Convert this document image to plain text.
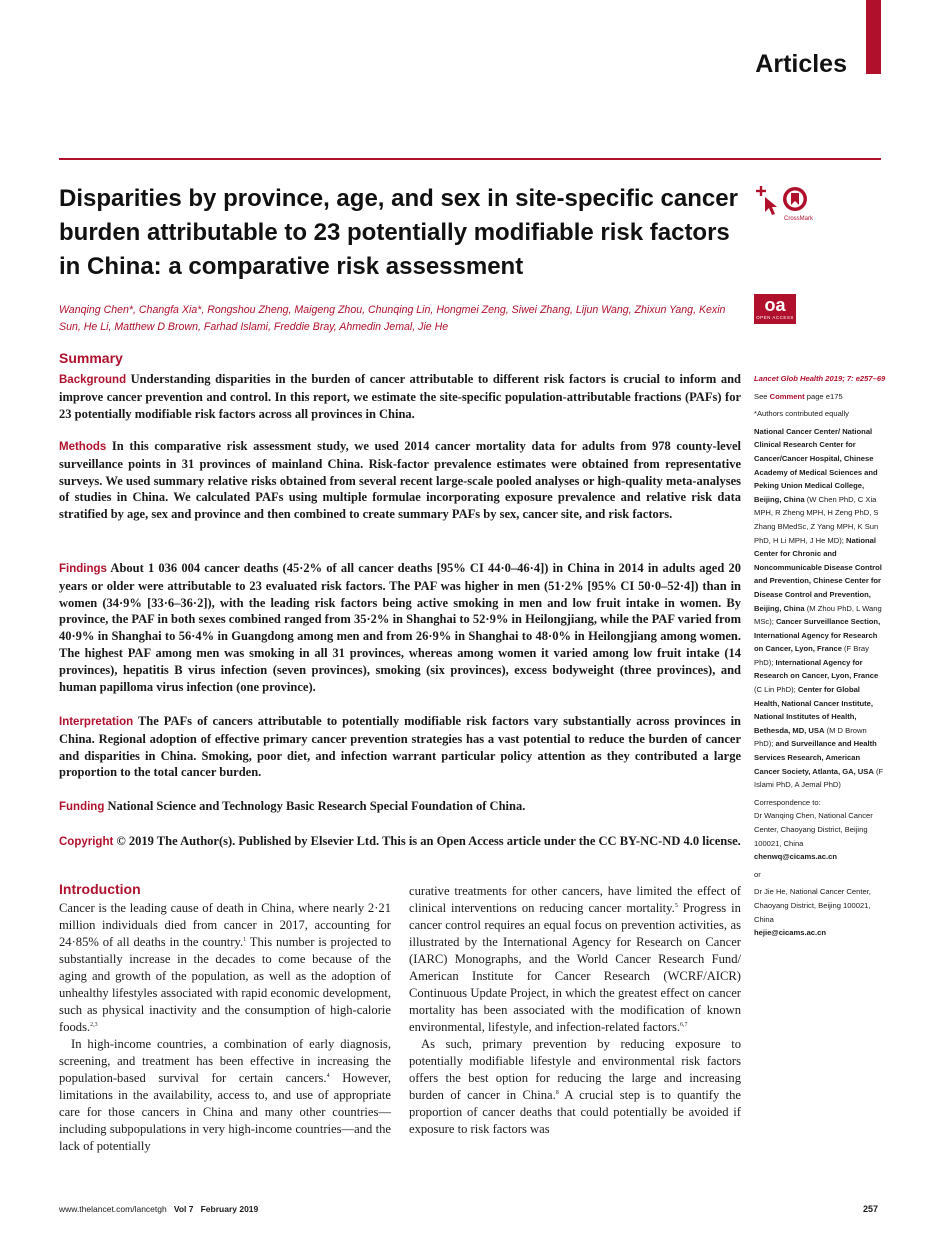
Articles
Disparities by province, age, and sex in site-specific cancer burden attributable to 23 potentially modifiable risk factors in China: a comparative risk assessment
CrossMark

Wanqing Chen*, Changfa Xia*, Rongshou Zheng, Maigeng Zhou, Chunqing Lin, Hongmei Zeng, Siwei Zhang, Lijun Wang, Zhixun Yang, Kexin Sun, He Li, Matthew D Brown, Farhad Islami, Freddie Bray, Ahmedin Jemal, Jie He

oa
OPEN ACCESS
Summary

Background Understanding disparities in the burden of cancer attributable to different risk factors is crucial to inform and improve cancer prevention and control. In this report, we estimate the site-specific population-attributable fractions (PAFs) for 23 potentially modifiable risk factors across all provinces in China.

Methods In this comparative risk assessment study, we used 2014 cancer mortality data for adults from 978 county-level surveillance points in 31 provinces of mainland China. Risk-factor prevalence estimates were obtained from representative surveys. We used summary relative risks obtained from several recent large-scale pooled analyses or high-quality meta-analyses of studies in China. We calculated PAFs using multiple formulae incorporating exposure prevalence and relative risk data stratified by age, sex and province and then combined to create summary PAFs by sex, cancer site, and risk factors.

Findings About 1 036 004 cancer deaths (45·2% of all cancer deaths [95% CI 44·0–46·4]) in China in 2014 in adults aged 20 years or older were attributable to 23 evaluated risk factors. The PAF was higher in men (51·2% [95% CI 50·0–52·4]) than in women (34·9% [33·6–36·2]), with the leading risk factors being active smoking in men and low fruit intake in women. By province, the PAF in both sexes combined ranged from 35·2% in Shanghai to 52·9% in Heilongjiang, while the PAF varied from 40·9% in Shanghai to 56·4% in Guangdong among men and from 26·9% in Shanghai to 48·0% in Heilongjiang among women. The highest PAF among men was smoking in all 31 provinces, whereas among women it varied among low fruit intake (14 provinces), hepatitis B virus infection (seven provinces), smoking (six provinces), excess bodyweight (three provinces), and human papilloma virus infection (one province).

Interpretation The PAFs of cancers attributable to potentially modifiable risk factors vary substantially across provinces in China. Regional adoption of effective primary cancer prevention strategies has a vast potential to reduce the burden of cancer and disparities in China. Smoking, poor diet, and infection warrant particular policy attention as they contributed a large proportion to the total cancer burden.

Funding National Science and Technology Basic Research Special Foundation of China.

Copyright © 2019 The Author(s). Published by Elsevier Ltd. This is an Open Access article under the CC BY-NC-ND 4.0 license.

Introduction

Cancer is the leading cause of death in China, where nearly 2·21 million individuals died from cancer in 2017, accounting for 24·85% of all deaths in the country.$^1$ This number is projected to substantially increase in the decades to come because of the aging and growth of the population, as well as the adoption of unhealthy lifestyles associated with rapid economic development, such as physical inactivity and the consumption of high-calorie foods.$^{2,3}$

In high-income countries, a combination of early diagnosis, screening, and treatment has been effective in increasing the population-based survival for certain cancers.$^4$ However, limitations in the availability, access to, and use of appropriate care for those cancers in China and many other countries—including subpopulations in very high-income countries—and the lack of potentially

curative treatments for other cancers, have limited the effect of clinical interventions on reducing cancer mortality.$^5$ Progress in cancer control requires an equal focus on prevention activities, as illustrated by the International Agency for Research on Cancer (IARC) Monographs, and the World Cancer Research Fund/ American Institute for Cancer Research (WCRF/AICR) Continuous Update Project, in which the greatest effect on cancer mortality has been associated with the modification of known environmental, lifestyle, and infection-related factors.$^{6,7}$

As such, primary prevention by reducing exposure to potentially modifiable lifestyle and environmental risk factors offers the best option for reducing the large and increasing burden of cancer in China.$^8$ A crucial step is to quantify the proportion of cancer deaths that could potentially be avoided if exposure to risk factors was

Lancet Glob Health 2019; 7: e257–69

See Comment page e175

*Authors contributed equally

National Cancer Center/ National Clinical Research Center for Cancer/Cancer Hospital, Chinese Academy of Medical Sciences and Peking Union Medical College, Beijing, China (W Chen PhD, C Xia MPH, R Zheng MPH, H Zeng PhD, S Zhang BMedSc, Z Yang MPH, K Sun PhD, H Li MPH, J He MD); National Center for Chronic and Noncommunicable Disease Control and Prevention, Chinese Center for Disease Control and Prevention, Beijing, China (M Zhou PhD, L Wang MSc); Cancer Surveillance Section, International Agency for Research on Cancer, Lyon, France (F Bray PhD); International Agency for Research on Cancer, Lyon, France (C Lin PhD); Center for Global Health, National Cancer Institute, National Institutes of Health, Bethesda, MD, USA (M D Brown PhD); and Surveillance and Health Services Research, American Cancer Society, Atlanta, GA, USA (F Islami PhD, A Jemal PhD)

Correspondence to:
Dr Wanqing Chen, National Cancer Center, Chaoyang District, Beijing 100021, China
chenwq@cicams.ac.cn

or

Dr Jie He, National Cancer Center, Chaoyang District, Beijing 100021, China
hejie@cicams.ac.cn

www.thelancet.com/lancetgh Vol 7 February 2019	257
